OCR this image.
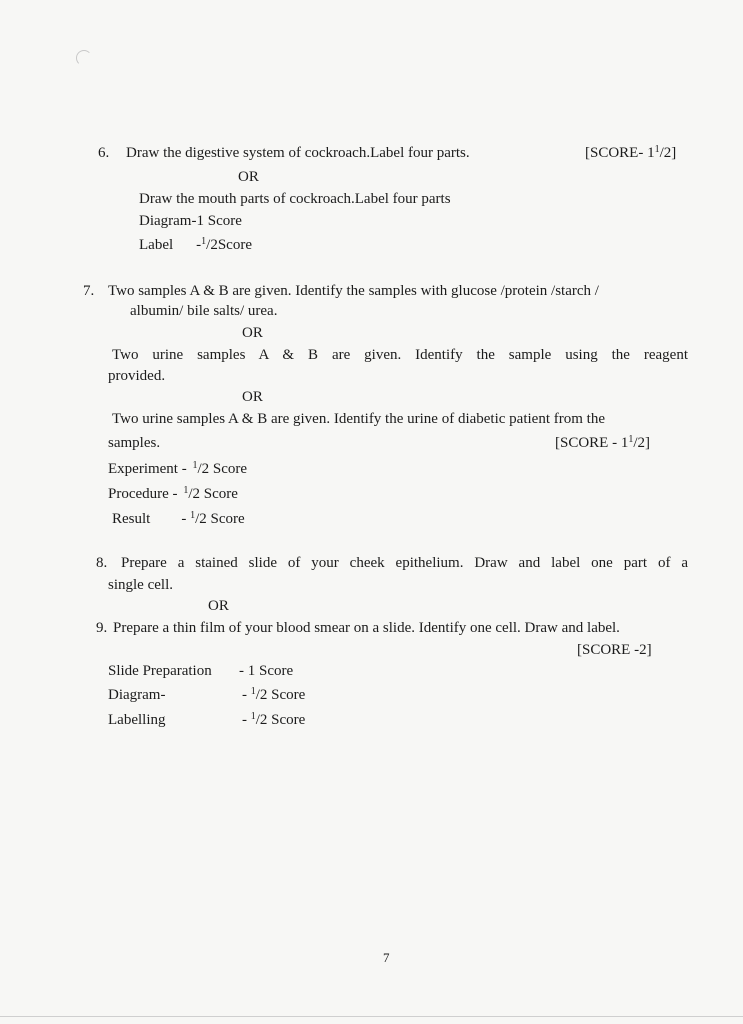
6. Draw the digestive system of cockroach.Label four parts.	[SCORE- $1^1/2$]
OR
Draw the mouth parts of cockroach.Label four parts
Diagram-1 Score
Label -$^1$/2Score
7. Two samples A & B are given. Identify the samples with glucose /protein /starch /
albumin/ bile salts/ urea.
OR
Two urine samples A & B are given. Identify the sample using the reagent
provided.
OR
Two urine samples A & B are given. Identify the urine of diabetic patient from the
samples.	[SCORE - $1^1/2$]
Experiment - $^1$/2 Score
Procedure - $^1$/2 Score
Result - $^1$/2 Score
8. Prepare a stained slide of your cheek epithelium. Draw and label one part of a
single cell.
OR
9. Prepare a thin film of your blood smear on a slide. Identify one cell. Draw and label.
[SCORE -2]
Slide Preparation - 1 Score
Diagram-	- $^1$/2 Score
Labelling	- $^1$/2 Score
7
